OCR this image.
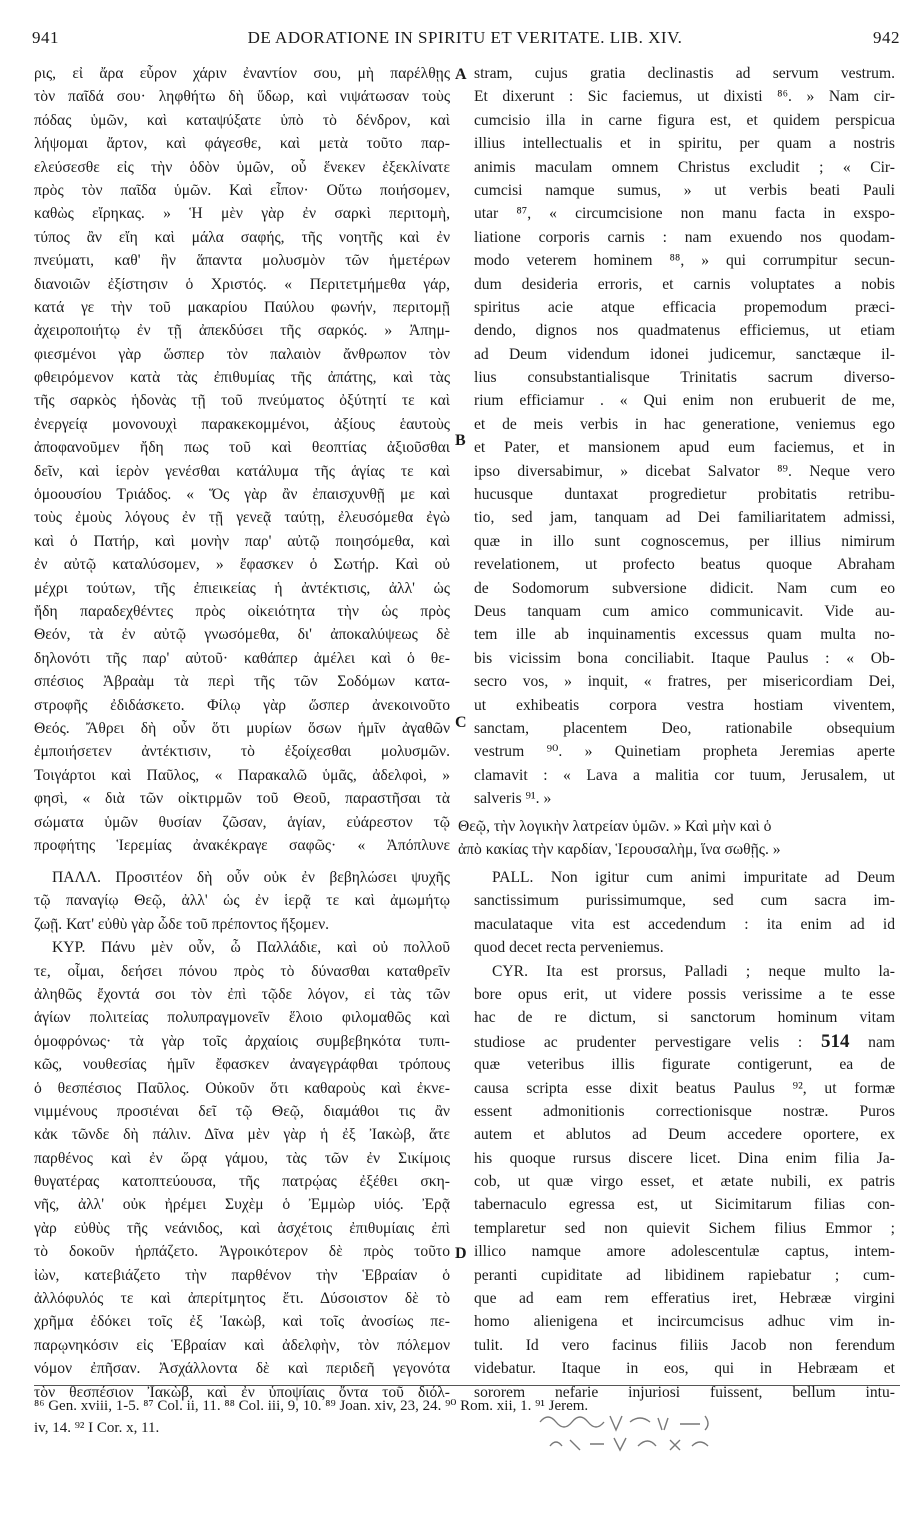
941	DE ADORATIONE IN SPIRITU ET VERITATE. LIB. XIV.	942
ρις, εἰ ἄρα εὗρον χάριν ἐναντίον σου, μὴ παρέλθῃς
τὸν παῖδά σου· ληφθήτω δὴ ὕδωρ, καὶ νιψάτωσαν τοὺς
πόδας ὑμῶν, καὶ καταψύξατε ὑπὸ τὸ δένδρον, καὶ
λήψομαι ἄρτον, καὶ φάγεσθε, καὶ μετὰ τοῦτο παρ-
ελεύσεσθε εἰς τὴν ὁδὸν ὑμῶν, οὗ ἕνεκεν ἐξεκλίνατε
πρὸς τὸν παῖδα ὑμῶν. Καὶ εἶπον· Οὕτω ποιήσομεν,
καθὼς εἴρηκας. » Ἡ μὲν γὰρ ἐν σαρκὶ περιτομὴ,
τύπος ἂν εἴη καὶ μάλα σαφής, τῆς νοητῆς καὶ ἐν
πνεύματι, καθ' ἣν ἅπαντα μολυσμὸν τῶν ἡμετέρων
διανοιῶν ἐξίστησιν ὁ Χριστός. « Περιτετμήμεθα γάρ,
κατά γε τὴν τοῦ μακαρίου Παύλου φωνήν, περιτομῇ
ἀχειροποιήτῳ ἐν τῇ ἀπεκδύσει τῆς σαρκός. » Ἀπημ-
φιεσμένοι γὰρ ὥσπερ τὸν παλαιὸν ἄνθρωπον τὸν
φθειρόμενον κατὰ τὰς ἐπιθυμίας τῆς ἀπάτης, καὶ τὰς
τῆς σαρκὸς ἡδονὰς τῇ τοῦ πνεύματος ὀξύτητί τε καὶ
ἐνεργείᾳ μονονουχὶ παρακεκομμένοι, ἀξίους ἑαυτοὺς
ἀποφανοῦμεν ἤδη πως τοῦ καὶ θεοπτίας ἀξιοῦσθαι
δεῖν, καὶ ἱερὸν γενέσθαι κατάλυμα τῆς ἁγίας τε καὶ
ὁμοουσίου Τριάδος. « Ὅς γὰρ ἂν ἐπαισχυνθῇ με καὶ
τοὺς ἐμοὺς λόγους ἐν τῇ γενεᾷ ταύτῃ, ἐλευσόμεθα ἐγὼ
καὶ ὁ Πατήρ, καὶ μονὴν παρ' αὐτῷ ποιησόμεθα, καὶ
ἐν αὐτῷ καταλύσομεν, » ἔφασκεν ὁ Σωτήρ. Καὶ οὐ
μέχρι τούτων, τῆς ἐπιεικείας ἡ ἀντέκτισις, ἀλλ' ὡς
ἤδη παραδεχθέντες πρὸς οἰκειότητα τὴν ὡς πρὸς
Θεόν, τὰ ἐν αὐτῷ γνωσόμεθα, δι' ἀποκαλύψεως δὲ
δηλονότι τῆς παρ' αὐτοῦ· καθάπερ ἀμέλει καὶ ὁ θε-
σπέσιος Ἀβραὰμ τὰ περὶ τῆς τῶν Σοδόμων κατα-
στροφῆς ἐδιδάσκετο. Φίλῳ γὰρ ὥσπερ ἀνεκοινοῦτο
Θεός. Ἄθρει δὴ οὖν ὅτι μυρίων ὅσων ἡμῖν ἀγαθῶν
ἐμποιήσετεν ἀντέκτισιν, τὸ ἐξοίχεσθαι μολυσμῶν.
Τοιγάρτοι καὶ Παῦλος, « Παρακαλῶ ὑμᾶς, ἀδελφοὶ, »
φησὶ, « διὰ τῶν οἰκτιρμῶν τοῦ Θεοῦ, παραστῆσαι τὰ
σώματα ὑμῶν θυσίαν ζῶσαν, ἁγίαν, εὐάρεστον τῷ
προφήτης Ἱερεμίας ἀνακέκραγε σαφῶς· « Ἀπόπλυνε
stram, cujus gratia declinastis ad servum vestrum.
Et dixerunt : Sic faciemus, ut dixisti ⁸⁶. » Nam cir-
cumcisio illa in carne figura est, et quidem perspicua
illius intellectualis et in spiritu, per quam a nostris
animis maculam omnem Christus excludit ; « Cir-
cumcisi namque sumus, » ut verbis beati Pauli
utar ⁸⁷, « circumcisione non manu facta in exspo-
liatione corporis carnis : nam exuendo nos quodam-
modo veterem hominem ⁸⁸, » qui corrumpitur secun-
dum desideria erroris, et carnis voluptates a nobis
spiritus acie atque efficacia propemodum præci-
dendo, dignos nos quadmatenus efficiemus, ut etiam
ad Deum videndum idonei judicemur, sanctæque il-
lius consubstantialisque Trinitatis sacrum diverso-
rium efficiamur . « Qui enim non erubuerit de me,
et de meis verbis in hac generatione, veniemus ego
et Pater, et mansionem apud eum faciemus, et in
ipso diversabimur, » dicebat Salvator ⁸⁹. Neque vero
hucusque duntaxat progredietur probitatis retribu-
tio, sed jam, tanquam ad Dei familiaritatem admissi,
quæ in illo sunt cognoscemus, per illius nimirum
revelationem, ut profecto beatus quoque Abraham
de Sodomorum subversione didicit. Nam cum eo
Deus tanquam cum amico communicavit. Vide au-
tem ille ab inquinamentis excessus quam multa no-
bis vicissim bona conciliabit. Itaque Paulus : « Ob-
secro vos, » inquit, « fratres, per misericordiam Dei,
ut exhibeatis corpora vestra hostiam viventem,
sanctam, placentem Deo, rationabile obsequium
vestrum ⁹⁰. » Quinetiam propheta Jeremias aperte
clamavit : « Lava a malitia cor tuum, Jerusalem, ut
salveris ⁹¹. »
A
B
C
D
Θεῷ, τὴν λογικὴν λατρείαν ὑμῶν. » Καὶ μὴν καὶ ὁ
ἀπὸ κακίας τὴν καρδίαν, Ἱερουσαλὴμ, ἵνα σωθῇς. »
ΠΑΛΛ. Προσιτέον δὴ οὖν οὐκ ἐν βεβηλώσει ψυχῆς
τῷ παναγίῳ Θεῷ, ἀλλ' ὡς ἐν ἱερᾷ τε καὶ ἀμωμήτῳ
ζωῇ. Κατ' εὐθὺ γὰρ ὧδε τοῦ πρέποντος ἥξομεν.
ΚΥΡ. Πάνυ μὲν οὖν, ὦ Παλλάδιε, καὶ οὐ πολλοῦ
τε, οἶμαι, δεήσει πόνου πρὸς τὸ δύνασθαι καταθρεῖν
ἀληθῶς ἔχοντά σοι τὸν ἐπὶ τῷδε λόγον, εἰ τὰς τῶν
ἁγίων πολιτείας πολυπραγμονεῖν ἕλοιο φιλομαθῶς καὶ
ὁμοφρόνως· τὰ γὰρ τοῖς ἀρχαίοις συμβεβηκότα τυπι-
κῶς, νουθεσίας ἡμῖν ἔφασκεν ἀναγεγράφθαι τρόπους
ὁ θεσπέσιος Παῦλος. Οὐκοῦν ὅτι καθαροὺς καὶ ἐκνε-
νιμμένους προσιέναι δεῖ τῷ Θεῷ, διαμάθοι τις ἂν
κἀκ τῶνδε δὴ πάλιν. Δῖνα μὲν γὰρ ἡ ἐξ Ἰακὼβ, ἅτε
παρθένος καὶ ἐν ὥρᾳ γάμου, τὰς τῶν ἐν Σικίμοις
θυγατέρας κατοπτεύουσα, τῆς πατρῴας ἐξέθει σκη-
νῆς, ἀλλ' οὐκ ἠρέμει Συχὲμ ὁ Ἐμμὼρ υἱός. Ἐρᾷ
γὰρ εὐθὺς τῆς νεάνιδος, καὶ ἀσχέτοις ἐπιθυμίαις ἐπὶ
τὸ δοκοῦν ἡρπάζετο. Ἀγροικότερον δὲ πρὸς τοῦτο
ἰὼν, κατεβιάζετο τὴν παρθένον τὴν Ἑβραίαν ὁ
ἀλλόφυλός τε καὶ ἀπερίτμητος ἔτι. Δύσοιστον δὲ τὸ
χρῆμα ἐδόκει τοῖς ἐξ Ἰακὼβ, καὶ τοῖς ἀνοσίως πε-
παρῳνηκόσιν εἰς Ἑβραίαν καὶ ἀδελφὴν, τὸν πόλεμον
νόμον ἐπῆσαν. Ἀσχάλλοντα δὲ καὶ περιδεῆ γεγονότα
τὸν θεσπέσιον Ἰακὼβ, καὶ ἐν ὑποψίαις ὄντα τοῦ διόλ-
PALL. Non igitur cum animi impuritate ad Deum
sanctissimum purissimumque, sed cum sacra im-
maculataque vita est accedendum : ita enim ad id
quod decet recta perveniemus.
CYR. Ita est prorsus, Palladi ; neque multo la-
bore opus erit, ut videre possis verissime a te esse
hac de re dictum, si sanctorum hominum vitam
studiose ac prudenter pervestigare velis : 514 nam
quæ veteribus illis figurate contigerunt, ea de
causa scripta esse dixit beatus Paulus ⁹², ut formæ
essent admonitionis correctionisque nostræ. Puros
autem et ablutos ad Deum accedere oportere, ex
his quoque rursus discere licet. Dina enim filia Ja-
cob, ut quæ virgo esset, et ætate nubili, ex patris
tabernaculo egressa est, ut Sicimitarum filias con-
templaretur sed non quievit Sichem filius Emmor ;
illico namque amore adolescentulæ captus, intem-
peranti cupiditate ad libidinem rapiebatur ; cum-
que ad eam rem efferatius iret, Hebrææ virgini
homo alienigena et incircumcisus adhuc vim in-
tulit. Id vero facinus filiis Jacob non ferendum
videbatur. Itaque in eos, qui in Hebræam et
sororem nefarie injuriosi fuissent, bellum intu-
⁸⁶ Gen. xviii, 1-5. ⁸⁷ Col. ii, 11. ⁸⁸ Col. iii, 9, 10. ⁸⁹ Joan. xiv, 23, 24. ⁹⁰ Rom. xii, 1. ⁹¹ Jerem.
iv, 14. ⁹² I Cor. x, 11.
